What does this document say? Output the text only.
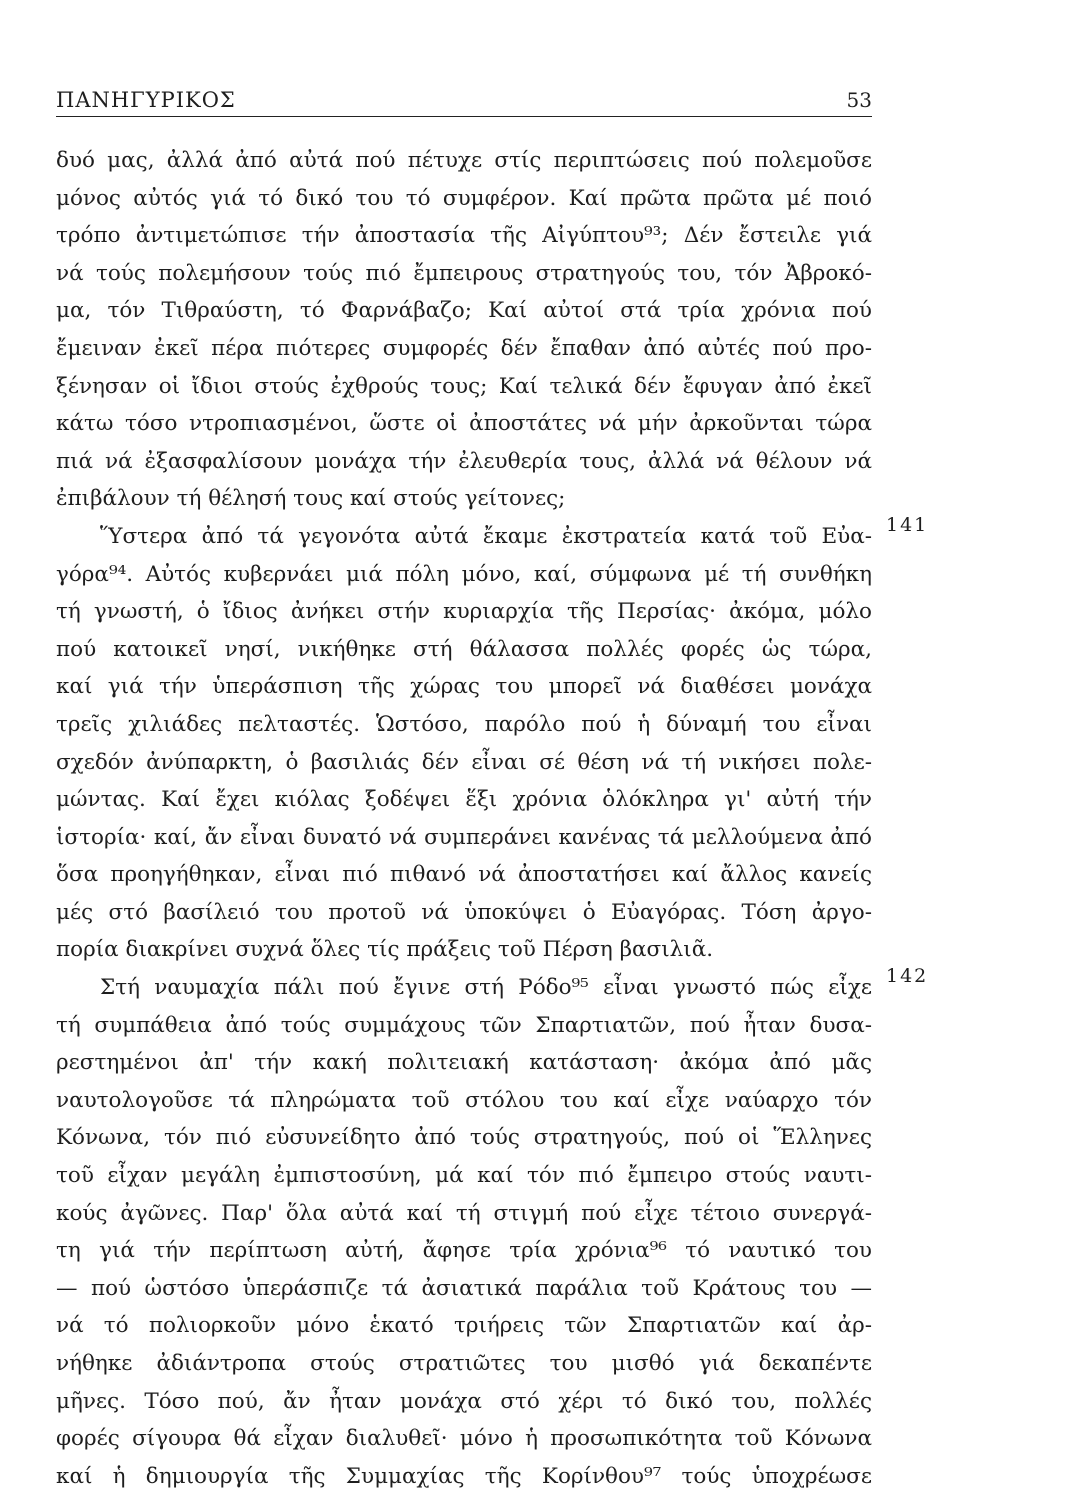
ΠΑΝΗΓΥΡΙΚΟΣ	53
δυό μας, ἀλλά ἀπό αὐτά πού πέτυχε στίς περιπτώσεις πού πολεμοῦσε
μόνος αὐτός γιά τό δικό του τό συμφέρον. Καί πρῶτα πρῶτα μέ ποιό
τρόπο ἀντιμετώπισε τήν ἀποστασία τῆς Αἰγύπτου⁹³; Δέν ἔστειλε γιά
νά τούς πολεμήσουν τούς πιό ἔμπειρους στρατηγούς του, τόν Ἀβροκό-
μα, τόν Τιθραύστη, τό Φαρνάβαζο; Καί αὐτοί στά τρία χρόνια πού
ἔμειναν ἐκεῖ πέρα πιότερες συμφορές δέν ἔπαθαν ἀπό αὐτές πού προ-
ξένησαν οἱ ἴδιοι στούς ἐχθρούς τους; Καί τελικά δέν ἔφυγαν ἀπό ἐκεῖ
κάτω τόσο ντροπιασμένοι, ὥστε οἱ ἀποστάτες νά μήν ἀρκοῦνται τώρα
πιά νά ἐξασφαλίσουν μονάχα τήν ἐλευθερία τους, ἀλλά νά θέλουν νά
ἐπιβάλουν τή θέλησή τους καί στούς γείτονες;
Ὕστερα ἀπό τά γεγονότα αὐτά ἔκαμε ἐκστρατεία κατά τοῦ Εὐα-
γόρα⁹⁴. Αὐτός κυβερνάει μιά πόλη μόνο, καί, σύμφωνα μέ τή συνθήκη
τή γνωστή, ὁ ἴδιος ἀνήκει στήν κυριαρχία τῆς Περσίας· ἀκόμα, μόλο
πού κατοικεῖ νησί, νικήθηκε στή θάλασσα πολλές φορές ὡς τώρα,
καί γιά τήν ὑπεράσπιση τῆς χώρας του μπορεῖ νά διαθέσει μονάχα
τρεῖς χιλιάδες πελταστές. Ὡστόσο, παρόλο πού ἡ δύναμή του εἶναι
σχεδόν ἀνύπαρκτη, ὁ βασιλιάς δέν εἶναι σέ θέση νά τή νικήσει πολε-
μώντας. Καί ἔχει κιόλας ξοδέψει ἕξι χρόνια ὁλόκληρα γι' αὐτή τήν
ἱστορία· καί, ἄν εἶναι δυνατό νά συμπεράνει κανένας τά μελλούμενα ἀπό
ὅσα προηγήθηκαν, εἶναι πιό πιθανό νά ἀποστατήσει καί ἄλλος κανείς
μές στό βασίλειό του προτοῦ νά ὑποκύψει ὁ Εὐαγόρας. Τόση ἀργο-
πορία διακρίνει συχνά ὅλες τίς πράξεις τοῦ Πέρση βασιλιᾶ.
Στή ναυμαχία πάλι πού ἔγινε στή Ρόδο⁹⁵ εἶναι γνωστό πώς εἶχε
τή συμπάθεια ἀπό τούς συμμάχους τῶν Σπαρτιατῶν, πού ἦταν δυσα-
ρεστημένοι ἀπ' τήν κακή πολιτειακή κατάσταση· ἀκόμα ἀπό μᾶς
ναυτολογοῦσε τά πληρώματα τοῦ στόλου του καί εἶχε ναύαρχο τόν
Κόνωνα, τόν πιό εὐσυνείδητο ἀπό τούς στρατηγούς, πού οἱ Ἕλληνες
τοῦ εἶχαν μεγάλη ἐμπιστοσύνη, μά καί τόν πιό ἔμπειρο στούς ναυτι-
κούς ἀγῶνες. Παρ' ὅλα αὐτά καί τή στιγμή πού εἶχε τέτοιο συνεργά-
τη γιά τήν περίπτωση αὐτή, ἄφησε τρία χρόνια⁹⁶ τό ναυτικό του
— πού ὡστόσο ὑπεράσπιζε τά ἀσιατικά παράλια τοῦ Κράτους του —
νά τό πολιορκοῦν μόνο ἑκατό τριήρεις τῶν Σπαρτιατῶν καί ἀρ-
νήθηκε ἀδιάντροπα στούς στρατιῶτες του μισθό γιά δεκαπέντε
μῆνες. Τόσο πού, ἄν ἦταν μονάχα στό χέρι τό δικό του, πολλές
φορές σίγουρα θά εἶχαν διαλυθεῖ· μόνο ἡ προσωπικότητα τοῦ Κόνωνα
καί ἡ δημιουργία τῆς Συμμαχίας τῆς Κορίνθου⁹⁷ τούς ὑποχρέωσε
141
142
